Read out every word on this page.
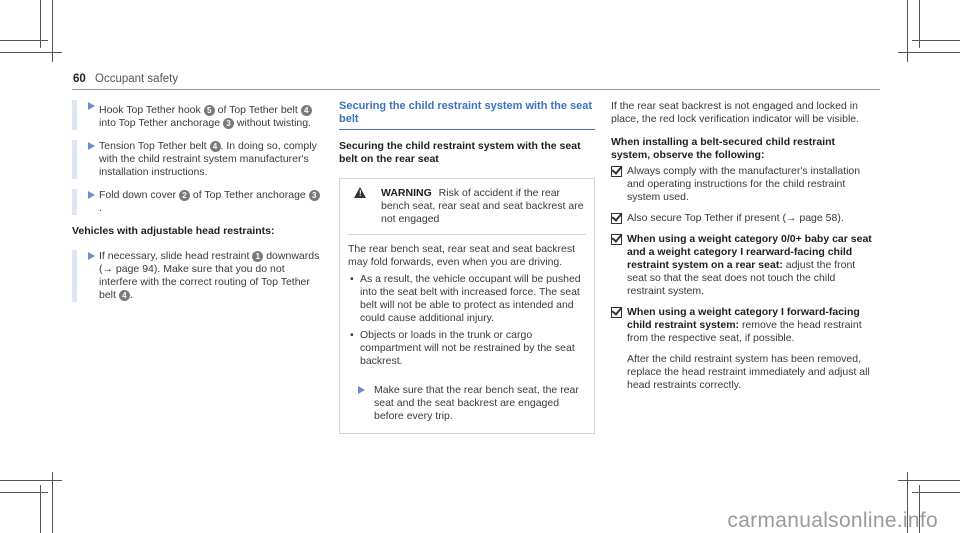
60 Occupant safety
Hook Top Tether hook 5 of Top Tether belt 4 into Top Tether anchorage 3 without twisting.
Tension Top Tether belt 4 . In doing so, comply with the child restraint system manufacturer's installation instructions.
Fold down cover 2 of Top Tether anchorage 3.
Vehicles with adjustable head restraints:
If necessary, slide head restraint 1 downwards (→ page 94). Make sure that you do not interfere with the correct routing of Top Tether belt 4 .
Securing the child restraint system with the seat belt
Securing the child restraint system with the seat belt on the rear seat
! WARNING Risk of accident if the rear bench seat, rear seat and seat backrest are not engaged
The rear bench seat, rear seat and seat backrest may fold forwards, even when you are driving.
• As a result, the vehicle occupant will be pushed into the seat belt with increased force. The seat belt will not be able to protect as intended and could cause additional injury.
• Objects or loads in the trunk or cargo compartment will not be restrained by the seat backrest.
Make sure that the rear bench seat, the rear seat and the seat backrest are engaged before every trip.
If the rear seat backrest is not engaged and locked in place, the red lock verification indicator will be visible.
When installing a belt-secured child restraint system, observe the following:
Always comply with the manufacturer's installation and operating instructions for the child restraint system used.
Also secure Top Tether if present (→ page 58).
When using a weight category 0/0+ baby car seat and a weight category I rearward-facing child restraint system on a rear seat: adjust the front seat so that the seat does not touch the child restraint system.
When using a weight category I forward-facing child restraint system: remove the head restraint from the respective seat, if possible.
After the child restraint system has been removed, replace the head restraint immediately and adjust all head restraints correctly.
carmanualsonline.info
